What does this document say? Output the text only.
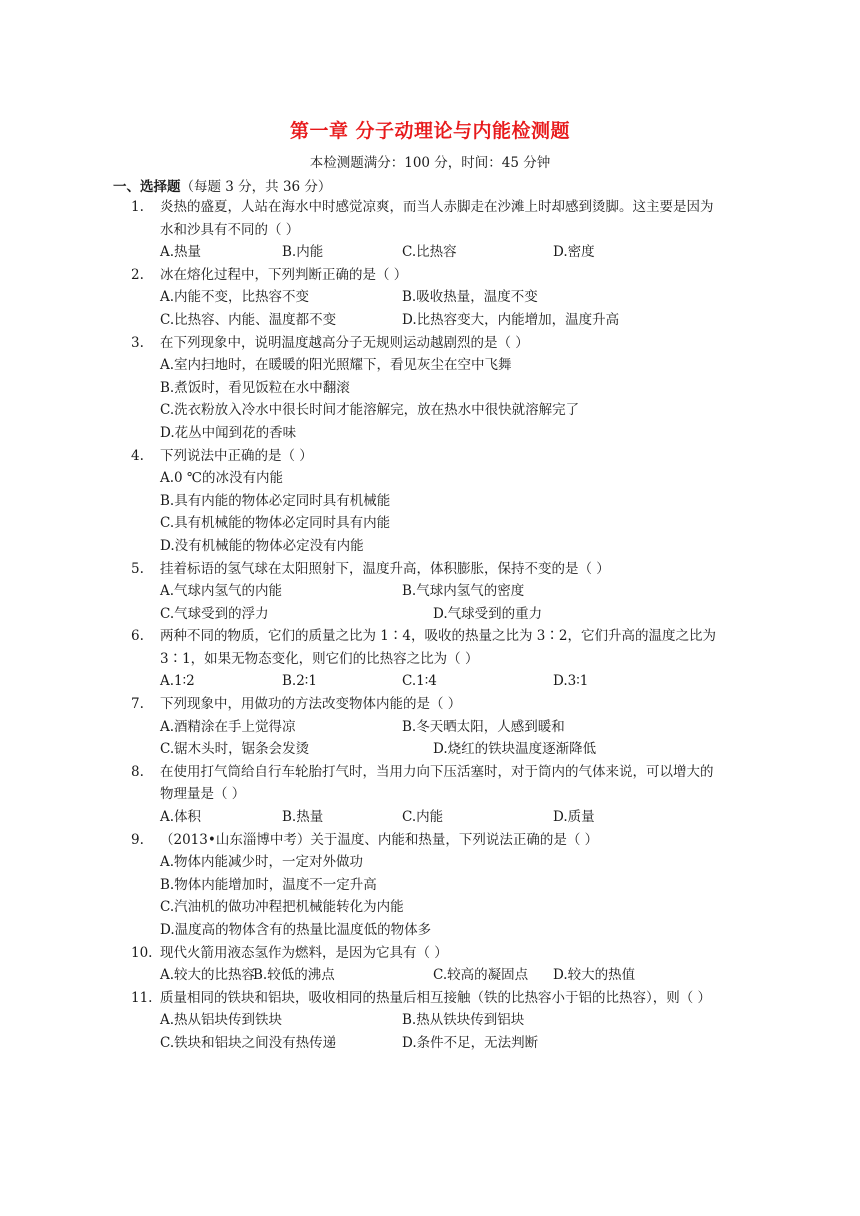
第一章 分子动理论与内能检测题
本检测题满分：100 分，时间：45 分钟
一、选择题（每题 3 分，共 36 分）
1.	炎热的盛夏，人站在海水中时感觉凉爽，而当人赤脚走在沙滩上时却感到烫脚。这主要是因为水和沙具有不同的（ ）
A.热量	B.内能	C.比热容	D.密度
2.	冰在熔化过程中，下列判断正确的是（ ）
A.内能不变，比热容不变	B.吸收热量，温度不变
C.比热容、内能、温度都不变	D.比热容变大，内能增加，温度升高
3.	在下列现象中，说明温度越高分子无规则运动越剧烈的是（ ）
A.室内扫地时，在暖暖的阳光照耀下，看见灰尘在空中飞舞
B.煮饭时，看见饭粒在水中翻滚
C.洗衣粉放入冷水中很长时间才能溶解完，放在热水中很快就溶解完了
D.花丛中闻到花的香味
4.	下列说法中正确的是（ ）
A.0 ℃的冰没有内能
B.具有内能的物体必定同时具有机械能
C.具有机械能的物体必定同时具有内能
D.没有机械能的物体必定没有内能
5.	挂着标语的氢气球在太阳照射下，温度升高，体积膨胀，保持不变的是（ ）
A.气球内氢气的内能	B.气球内氢气的密度
C.气球受到的浮力	D.气球受到的重力
6.	两种不同的物质，它们的质量之比为 1∶4，吸收的热量之比为 3∶2，它们升高的温度之比为 3∶1，如果无物态变化，则它们的比热容之比为（ ）
A.1∶2	B.2∶1	C.1∶4	D.3∶1
7.	下列现象中，用做功的方法改变物体内能的是（ ）
A.酒精涂在手上觉得凉	B.冬天晒太阳，人感到暖和
C.锯木头时，锯条会发烫	D.烧红的铁块温度逐渐降低
8.	在使用打气筒给自行车轮胎打气时，当用力向下压活塞时，对于筒内的气体来说，可以增大的物理量是（ ）
A.体积	B.热量	C.内能	D.质量
9.	（2013•山东淄博中考）关于温度、内能和热量，下列说法正确的是（ ）
A.物体内能减少时，一定对外做功
B.物体内能增加时，温度不一定升高
C.汽油机的做功冲程把机械能转化为内能
D.温度高的物体含有的热量比温度低的物体多
10. 现代火箭用液态氢作为燃料，是因为它具有（ ）
A.较大的比热容
B.较低的沸点	C.较高的凝固点 D.较大的热值
11. 质量相同的铁块和铝块，吸收相同的热量后相互接触（铁的比热容小于铝的比热容），则（ ）
A.热从铝块传到铁块	B.热从铁块传到铝块
C.铁块和铝块之间没有热传递	D.条件不足，无法判断
